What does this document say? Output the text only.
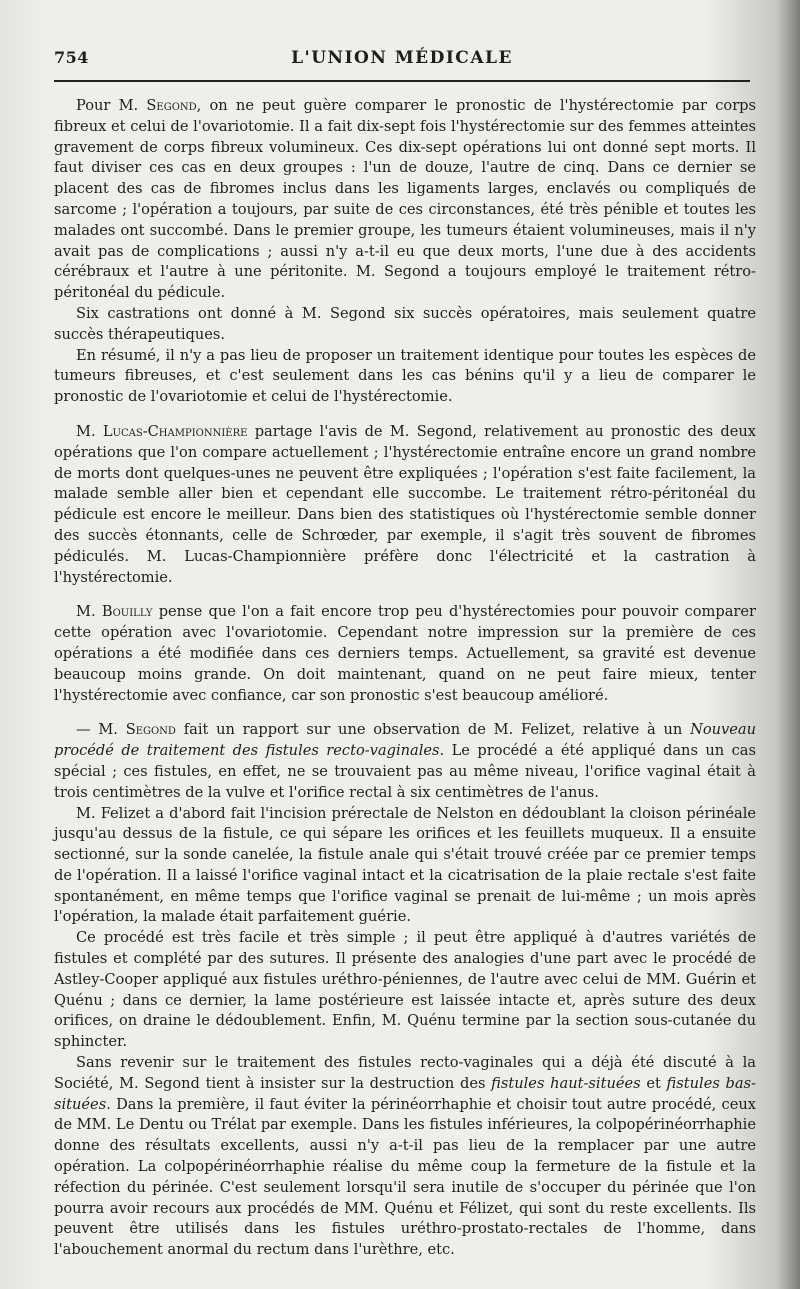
754	L'UNION MÉDICALE

Pour M. Segond, on ne peut guère comparer le pronostic de l'hystérectomie par corps fibreux et celui de l'ovariotomie. Il a fait dix-sept fois l'hystérectomie sur des femmes atteintes gravement de corps fibreux volumineux. Ces dix-sept opérations lui ont donné sept morts. Il faut diviser ces cas en deux groupes : l'un de douze, l'autre de cinq. Dans ce dernier se placent des cas de fibromes inclus dans les ligaments larges, enclavés ou compliqués de sarcome ; l'opération a toujours, par suite de ces circonstances, été très pénible et toutes les malades ont succombé. Dans le premier groupe, les tumeurs étaient volumineuses, mais il n'y avait pas de complications ; aussi n'y a-t-il eu que deux morts, l'une due à des accidents cérébraux et l'autre à une péritonite. M. Segond a toujours employé le traitement rétro-péritonéal du pédicule.

Six castrations ont donné à M. Segond six succès opératoires, mais seulement quatre succès thérapeutiques.

En résumé, il n'y a pas lieu de proposer un traitement identique pour toutes les espèces de tumeurs fibreuses, et c'est seulement dans les cas bénins qu'il y a lieu de comparer le pronostic de l'ovariotomie et celui de l'hystérectomie.

M. Lucas-Championnière partage l'avis de M. Segond, relativement au pronostic des deux opérations que l'on compare actuellement ; l'hystérectomie entraîne encore un grand nombre de morts dont quelques-unes ne peuvent être expliquées ; l'opération s'est faite facilement, la malade semble aller bien et cependant elle succombe. Le traitement rétro-péritonéal du pédicule est encore le meilleur. Dans bien des statistiques où l'hystérectomie semble donner des succès étonnants, celle de Schrœder, par exemple, il s'agit très souvent de fibromes pédiculés. M. Lucas-Championnière préfère donc l'électricité et la castration à l'hystérectomie.

M. Bouilly pense que l'on a fait encore trop peu d'hystérectomies pour pouvoir comparer cette opération avec l'ovariotomie. Cependant notre impression sur la première de ces opérations a été modifiée dans ces derniers temps. Actuellement, sa gravité est devenue beaucoup moins grande. On doit maintenant, quand on ne peut faire mieux, tenter l'hystérectomie avec confiance, car son pronostic s'est beaucoup amélioré.

— M. Segond fait un rapport sur une observation de M. Felizet, relative à un Nouveau procédé de traitement des fistules recto-vaginales. Le procédé a été appliqué dans un cas spécial ; ces fistules, en effet, ne se trouvaient pas au même niveau, l'orifice vaginal était à trois centimètres de la vulve et l'orifice rectal à six centimètres de l'anus.

M. Felizet a d'abord fait l'incision prérectale de Nelston en dédoublant la cloison périnéale jusqu'au dessus de la fistule, ce qui sépare les orifices et les feuillets muqueux. Il a ensuite sectionné, sur la sonde canelée, la fistule anale qui s'était trouvé créée par ce premier temps de l'opération. Il a laissé l'orifice vaginal intact et la cicatrisation de la plaie rectale s'est faite spontanément, en même temps que l'orifice vaginal se prenait de lui-même ; un mois après l'opération, la malade était parfaitement guérie.

Ce procédé est très facile et très simple ; il peut être appliqué à d'autres variétés de fistules et complété par des sutures. Il présente des analogies d'une part avec le procédé de Astley-Cooper appliqué aux fistules uréthro-péniennes, de l'autre avec celui de MM. Guérin et Quénu ; dans ce dernier, la lame postérieure est laissée intacte et, après suture des deux orifices, on draine le dédoublement. Enfin, M. Quénu termine par la section sous-cutanée du sphincter.

Sans revenir sur le traitement des fistules recto-vaginales qui a déjà été discuté à la Société, M. Segond tient à insister sur la destruction des fistules haut-situées et fistules bas-situées. Dans la première, il faut éviter la périnéorrhaphie et choisir tout autre procédé, ceux de MM. Le Dentu ou Trélat par exemple. Dans les fistules inférieures, la colpopérinéorrhaphie donne des résultats excellents, aussi n'y a-t-il pas lieu de la remplacer par une autre opération. La colpopérinéorrhaphie réalise du même coup la fermeture de la fistule et la réfection du périnée. C'est seulement lorsqu'il sera inutile de s'occuper du périnée que l'on pourra avoir recours aux procédés de MM. Quénu et Félizet, qui sont du reste excellents. Ils peuvent être utilisés dans les fistules uréthro-prostato-rectales de l'homme, dans l'abouchement anormal du rectum dans l'urèthre, etc.
